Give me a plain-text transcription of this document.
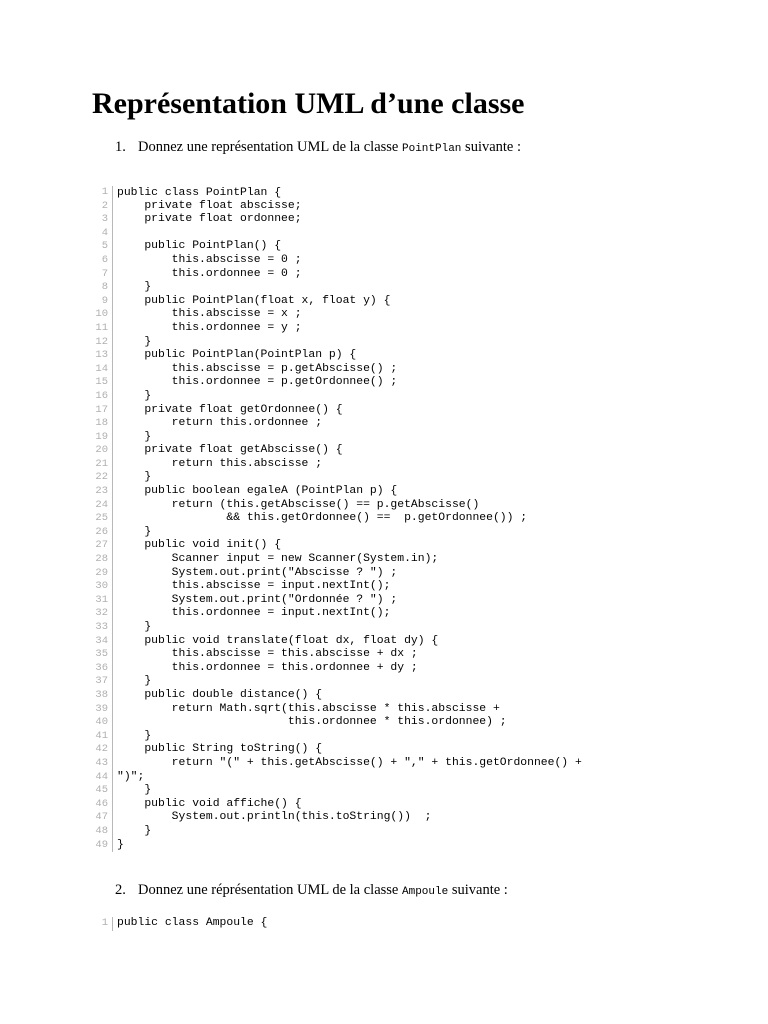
Représentation UML d’une classe
1. Donnez une représentation UML de la classe PointPlan suivante :

public class PointPlan {

1
2 private float abscisse;
3 private float ordonnee;
4
5 public PointPlan() {
6 this.abscisse = 0 ;
7 this.ordonnee = 0 ;
8 }
9 public PointPlan(float x, float y) {
10 this.abscisse = x ;
11 this.ordonnee = y ;
12 }
13 public PointPlan(PointPlan p) {
14 this.abscisse = p.getAbscisse() ;
15 this.ordonnee = p.getOrdonnee() ;
16 }
17 private float getOrdonnee() {
18 return this.ordonnee ;
19 }
20 private float getAbscisse() {
21 return this.abscisse ;
22 }
23 public boolean egaleA (PointPlan p) {
24 return (this.getAbscisse() == p.getAbscisse()
25 && this.getOrdonnee() ==  p.getOrdonnee()) ;
26 }
27 public void init() {
28 Scanner input = new Scanner(System.in);
29 System.out.print("Abscisse ? ") ;
30 this.abscisse = input.nextInt();
31 System.out.print("Ordonnée ? ") ;
32 this.ordonnee = input.nextInt();
33 }
34 public void translate(float dx, float dy) {
35 this.abscisse = this.abscisse + dx ;
36 this.ordonnee = this.ordonnee + dy ;
37 }
38 public double distance() {
39 return Math.sqrt(this.abscisse * this.abscisse +
40 this.ordonnee * this.ordonnee) ;
41 }
42 public String toString() {
43 return "(" + this.getAbscisse() + "," + this.getOrdonnee() +
44 ")";
45 }
46 public void affiche() {
47 System.out.println(this.toString())  ;
48 }
49 }
2. Donnez une réprésentation UML de la classe Ampoule suivante :
1 public class Ampoule {
